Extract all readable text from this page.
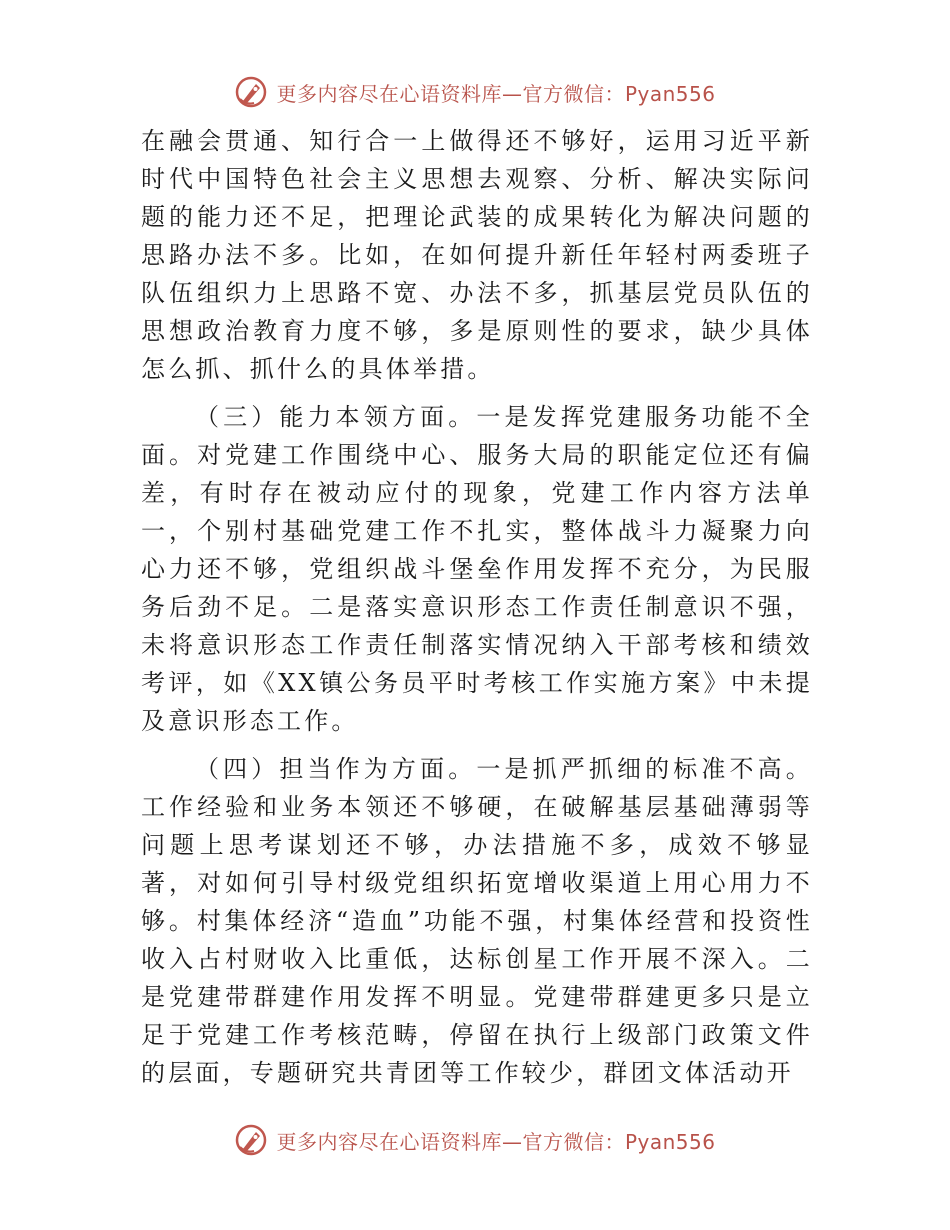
更多内容尽在心语资料库—官方微信：Pyan556

在融会贯通、知行合一上做得还不够好，运用习近平新时代中国特色社会主义思想去观察、分析、解决实际问题的能力还不足，把理论武装的成果转化为解决问题的思路办法不多。比如，在如何提升新任年轻村两委班子队伍组织力上思路不宽、办法不多，抓基层党员队伍的思想政治教育力度不够，多是原则性的要求，缺少具体怎么抓、抓什么的具体举措。

（三）能力本领方面。一是发挥党建服务功能不全面。对党建工作围绕中心、服务大局的职能定位还有偏差，有时存在被动应付的现象，党建工作内容方法单一，个别村基础党建工作不扎实，整体战斗力凝聚力向心力还不够，党组织战斗堡垒作用发挥不充分，为民服务后劲不足。二是落实意识形态工作责任制意识不强，未将意识形态工作责任制落实情况纳入干部考核和绩效考评，如《XX镇公务员平时考核工作实施方案》中未提及意识形态工作。

（四）担当作为方面。一是抓严抓细的标准不高。工作经验和业务本领还不够硬，在破解基层基础薄弱等问题上思考谋划还不够，办法措施不多，成效不够显著，对如何引导村级党组织拓宽增收渠道上用心用力不够。村集体经济“造血”功能不强，村集体经营和投资性收入占村财收入比重低，达标创星工作开展不深入。二是党建带群建作用发挥不明显。党建带群建更多只是立足于党建工作考核范畴，停留在执行上级部门政策文件的层面，专题研究共青团等工作较少，群团文体活动开

更多内容尽在心语资料库—官方微信：Pyan556
